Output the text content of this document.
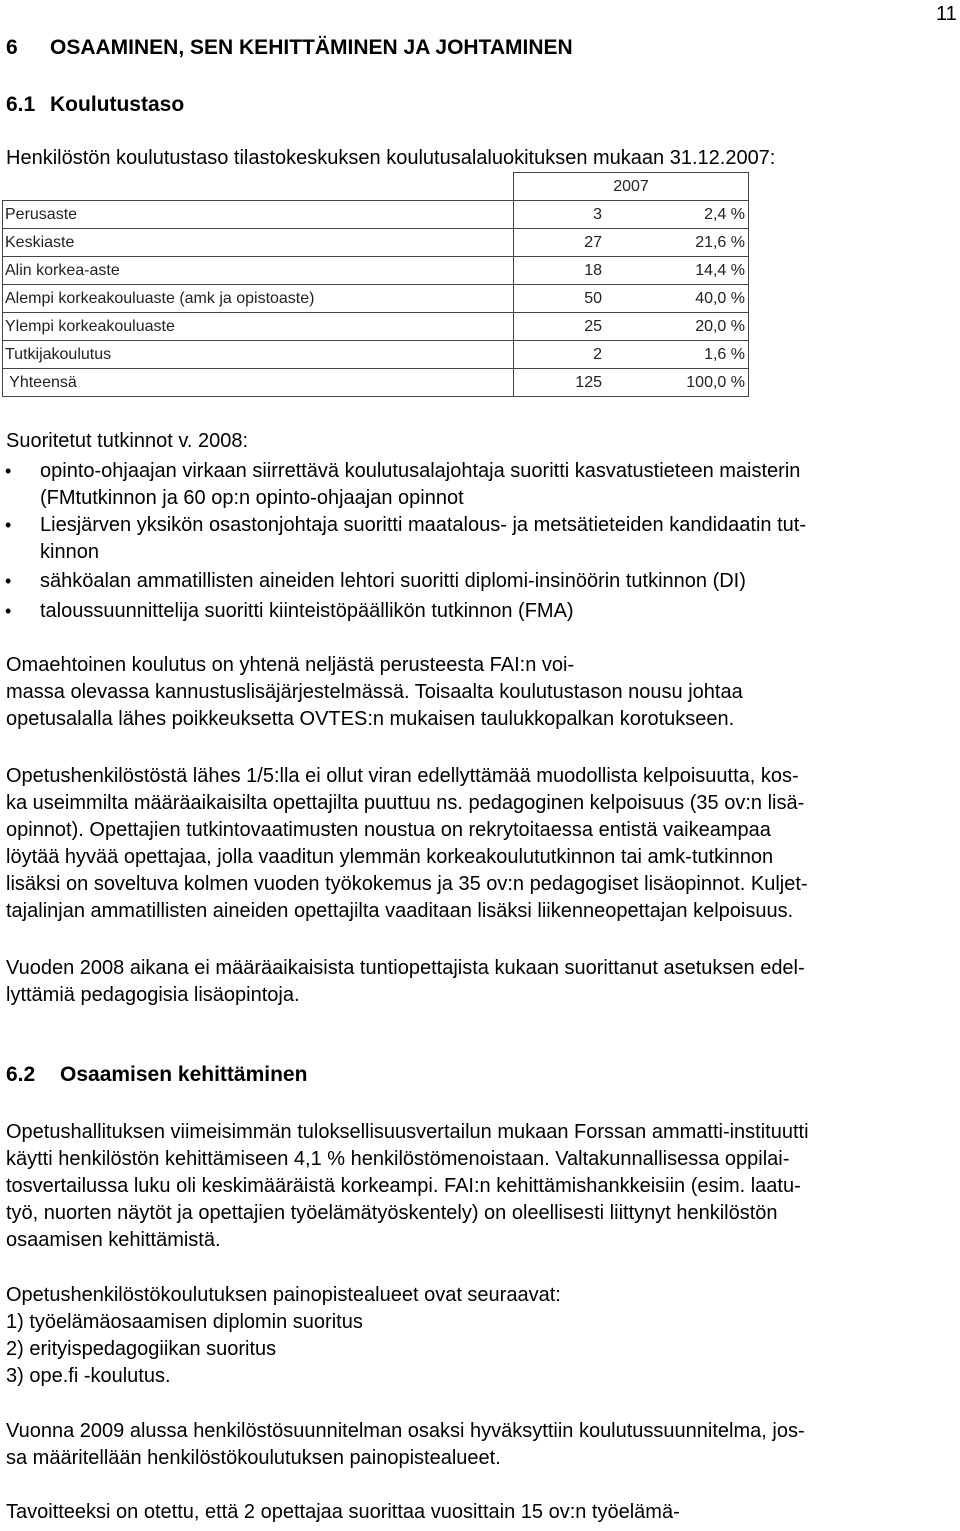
11
6 OSAAMINEN, SEN KEHITTÄMINEN JA JOHTAMINEN
6.1 Koulutustaso
Henkilöstön koulutustaso tilastokeskuksen koulutusalaluokituksen mukaan 31.12.2007:
	2007	
Perusaste	3	2,4 %
Keskiaste	27	21,6 %
Alin korkea-aste	18	14,4 %
Alempi korkeakouluaste (amk ja opistoaste)	50	40,0 %
Ylempi korkeakouluaste	25	20,0 %
Tutkijakoulutus	2	1,6 %
Yhteensä	125	100,0 %
Suoritetut tutkinnot v. 2008:
• opinto-ohjaajan virkaan siirrettävä koulutusalajohtaja suoritti kasvatustieteen maisterin
(FMtutkinnon ja 60 op:n opinto-ohjaajan opinnot
• Liesjärven yksikön osastonjohtaja suoritti maatalous- ja metsätieteiden kandidaatin tut-
kinnon
• sähköalan ammatillisten aineiden lehtori suoritti diplomi-insinöörin tutkinnon (DI)
• taloussuunnittelija suoritti kiinteistöpäällikön tutkinnon (FMA)

Omaehtoinen koulutus on yhtenä neljästä perusteesta FAI:n voi-

massa olevassa kannustuslisäjärjestelmässä. Toisaalta koulutustason nousu johtaa

opetusalalla lähes poikkeuksetta OVTES:n mukaisen taulukkopalkan korotukseen.

Opetushenkilöstöstä lähes 1/5:lla ei ollut viran edellyttämää muodollista kelpoisuutta, kos-

ka useimmilta määräaikaisilta opettajilta puuttuu ns. pedagoginen kelpoisuus (35 ov:n lisä-

opinnot). Opettajien tutkintovaatimusten noustua on rekrytoitaessa entistä vaikeampaa

löytää hyvää opettajaa, jolla vaaditun ylemmän korkeakoulututkinnon tai amk-tutkinnon

lisäksi on soveltuva kolmen vuoden työkokemus ja 35 ov:n pedagogiset lisäopinnot. Kuljet-

tajalinjan ammatillisten aineiden opettajilta vaaditaan lisäksi liikenneopettajan kelpoisuus.

Vuoden 2008 aikana ei määräaikaisista tuntiopettajista kukaan suorittanut asetuksen edel-

lyttämiä pedagogisia lisäopintoja.

6.2 Osaamisen kehittäminen

Opetushallituksen viimeisimmän tuloksellisuusvertailun mukaan Forssan ammatti-instituutti

käytti henkilöstön kehittämiseen 4,1 % henkilöstömenoistaan. Valtakunnallisessa oppilai-

tosvertailussa luku oli keskimääräistä korkeampi. FAI:n kehittämishankkeisiin (esim. laatu-

työ, nuorten näytöt ja opettajien työelämätyöskentely) on oleellisesti liittynyt henkilöstön

osaamisen kehittämistä.

Opetushenkilöstökoulutuksen painopistealueet ovat seuraavat:

1) työelämäosaamisen diplomin suoritus

2) erityispedagogiikan suoritus

3) ope.fi -koulutus.

Vuonna 2009 alussa henkilöstösuunnitelman osaksi hyväksyttiin koulutussuunnitelma, jos-

sa määritellään henkilöstökoulutuksen painopistealueet.

Tavoitteeksi on otettu, että 2 opettajaa suorittaa vuosittain 15 ov:n työelämä-
